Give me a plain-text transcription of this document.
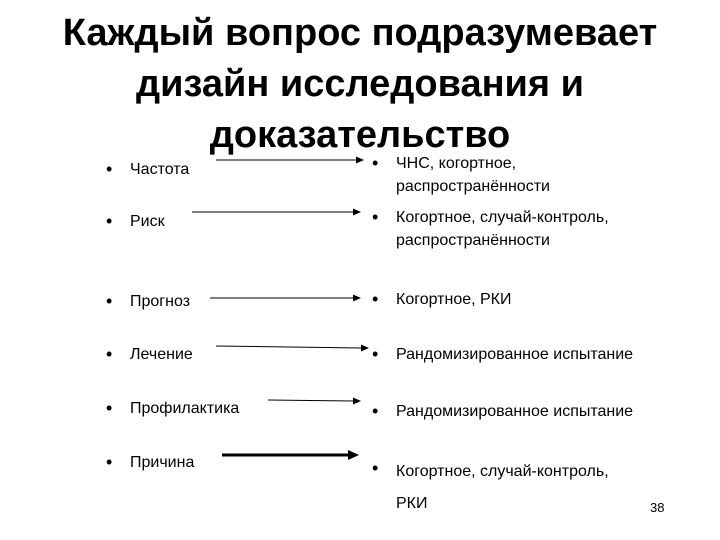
Каждый вопрос подразумевает дизайн исследования и доказательство
• Частота
• Риск
• Прогноз
• Лечение
• Профилактика
• Причина
• ЧНС, когортное,
распространённости
• Когортное, случай-контроль,
распространённости
• Когортное, РКИ
• Рандомизированное испытание
• Рандомизированное испытание
• Когортное, случай-контроль,
РКИ	38
